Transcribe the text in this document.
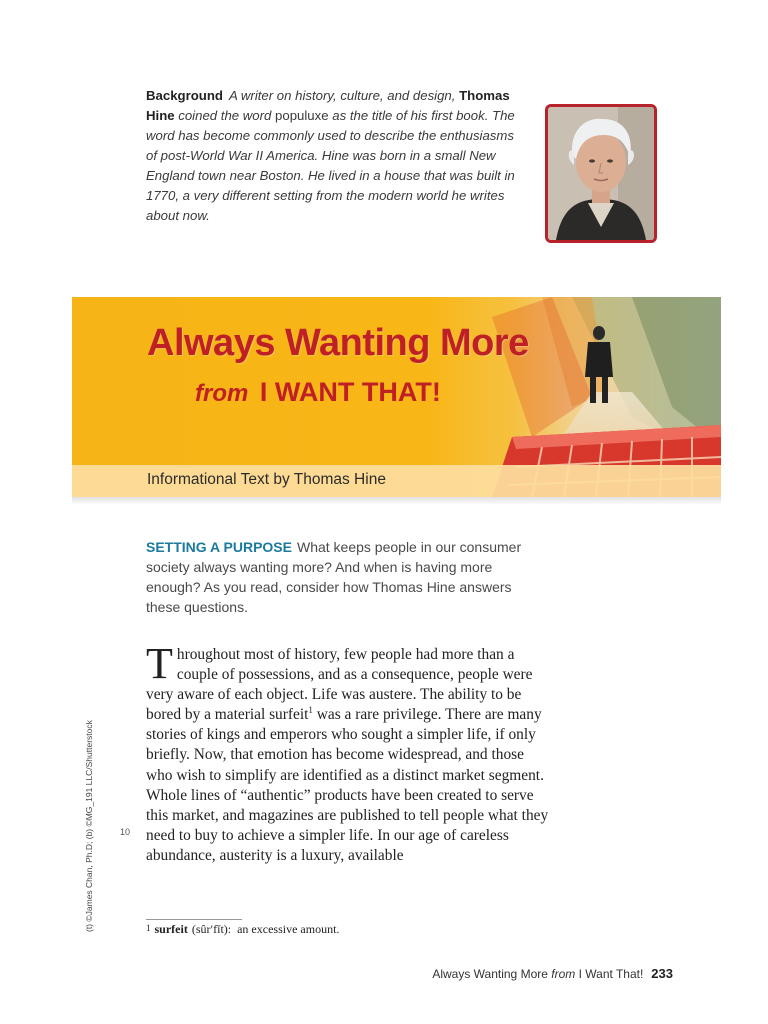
Background A writer on history, culture, and design, Thomas Hine coined the word populuxe as the title of his first book. The word has become commonly used to describe the enthusiasms of post-World War II America. Hine was born in a small New England town near Boston. He lived in a house that was built in 1770, a very different setting from the modern world he writes about now.

Always Wanting More
from I WANT THAT!
Informational Text by Thomas Hine

SETTING A PURPOSE What keeps people in our consumer society always wanting more? And when is having more enough? As you read, consider how Thomas Hine answers these questions.

Throughout most of history, few people had more than a couple of possessions, and as a consequence, people were very aware of each object. Life was austere. The ability to be bored by a material surfeit$^1$ was a rare privilege. There are many stories of kings and emperors who sought a simpler life, if only briefly. Now, that emotion has become widespread, and those who wish to simplify are identified as a distinct market segment. Whole lines of “authentic” products have been created to serve this market, and magazines are published to tell people what they need to buy to achieve a simpler life. In our age of careless abundance, austerity is a luxury, available

10
(t) ©James Chan, Ph.D; (b) ©MG_191 LLC/Shutterstock	1 surfeit (sûr′fĭt): an excessive amount.
Always Wanting More from I Want That! 233
